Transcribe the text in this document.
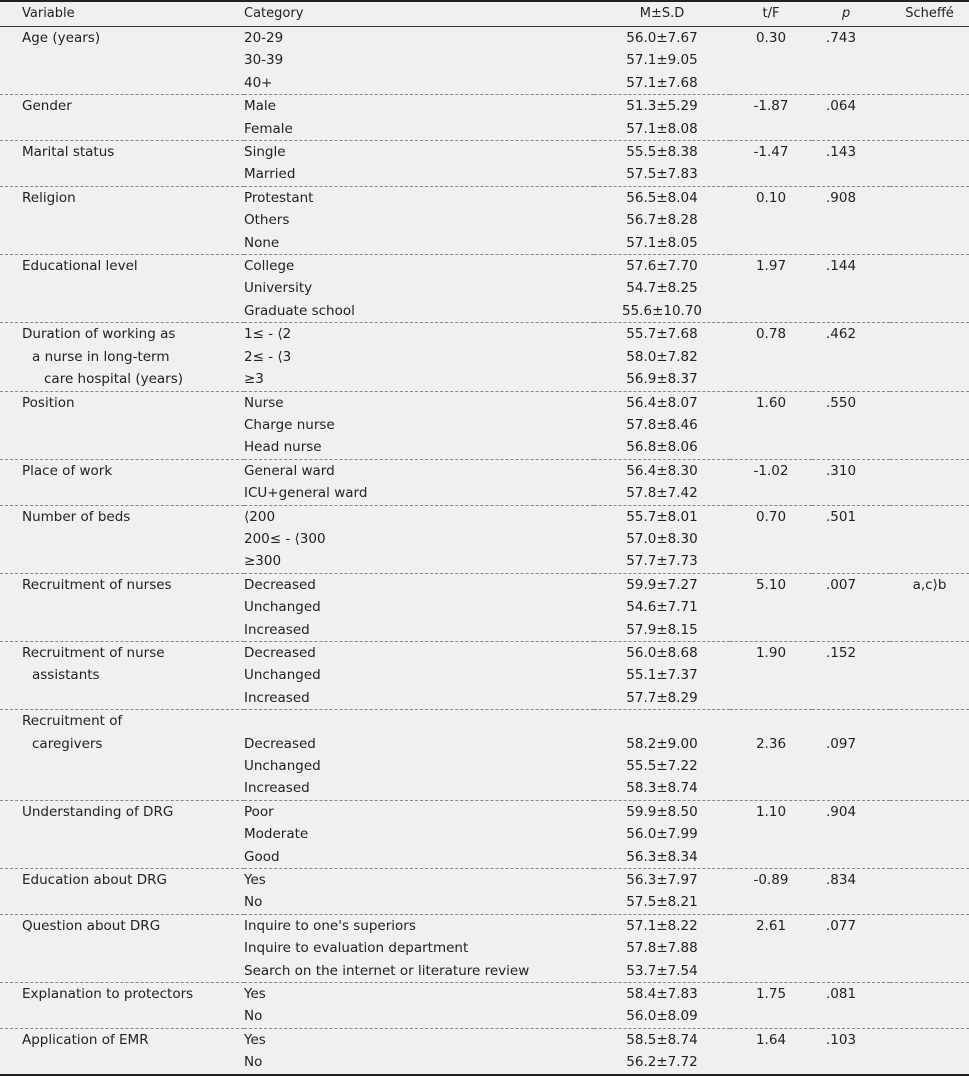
Variable	Category	M±S.D	t/F	p	Scheffé
Age (years)	20-29	56.0±7.67	0.30	.743	
	30-39	57.1±9.05			
	40+	57.1±7.68			
Gender	Male	51.3±5.29	-1.87	.064	
	Female	57.1±8.08			
Marital status	Single	55.5±8.38	-1.47	.143	
	Married	57.5±7.83			
Religion	Protestant	56.5±8.04	0.10	.908	
	Others	56.7±8.28			
	None	57.1±8.05			
Educational level	College	57.6±7.70	1.97	.144	
	University	54.7±8.25			
	Graduate school	55.6±10.70			
Duration of working as	1≤ - ⟨2	55.7±7.68	0.78	.462	
a nurse in long-term	2≤ - ⟨3	58.0±7.82			
care hospital (years)	≥3	56.9±8.37			
Position	Nurse	56.4±8.07	1.60	.550	
	Charge nurse	57.8±8.46			
	Head nurse	56.8±8.06			
Place of work	General ward	56.4±8.30	-1.02	.310	
	ICU+general ward	57.8±7.42			
Number of beds	⟨200	55.7±8.01	0.70	.501	
	200≤ - ⟨300	57.0±8.30			
	≥300	57.7±7.73			
Recruitment of nurses	Decreased	59.9±7.27	5.10	.007	a,c⟩b
	Unchanged	54.6±7.71			
	Increased	57.9±8.15			
Recruitment of nurse	Decreased	56.0±8.68	1.90	.152	
assistants	Unchanged	55.1±7.37			
	Increased	57.7±8.29			
Recruitment of					
caregivers	Decreased	58.2±9.00	2.36	.097	
	Unchanged	55.5±7.22			
	Increased	58.3±8.74			
Understanding of DRG	Poor	59.9±8.50	1.10	.904	
	Moderate	56.0±7.99			
	Good	56.3±8.34			
Education about DRG	Yes	56.3±7.97	-0.89	.834	
	No	57.5±8.21			
Question about DRG	Inquire to one's superiors	57.1±8.22	2.61	.077	
	Inquire to evaluation department	57.8±7.88			
	Search on the internet or literature review	53.7±7.54			
Explanation to protectors	Yes	58.4±7.83	1.75	.081	
	No	56.0±8.09			
Application of EMR	Yes	58.5±8.74	1.64	.103	
	No	56.2±7.72			
